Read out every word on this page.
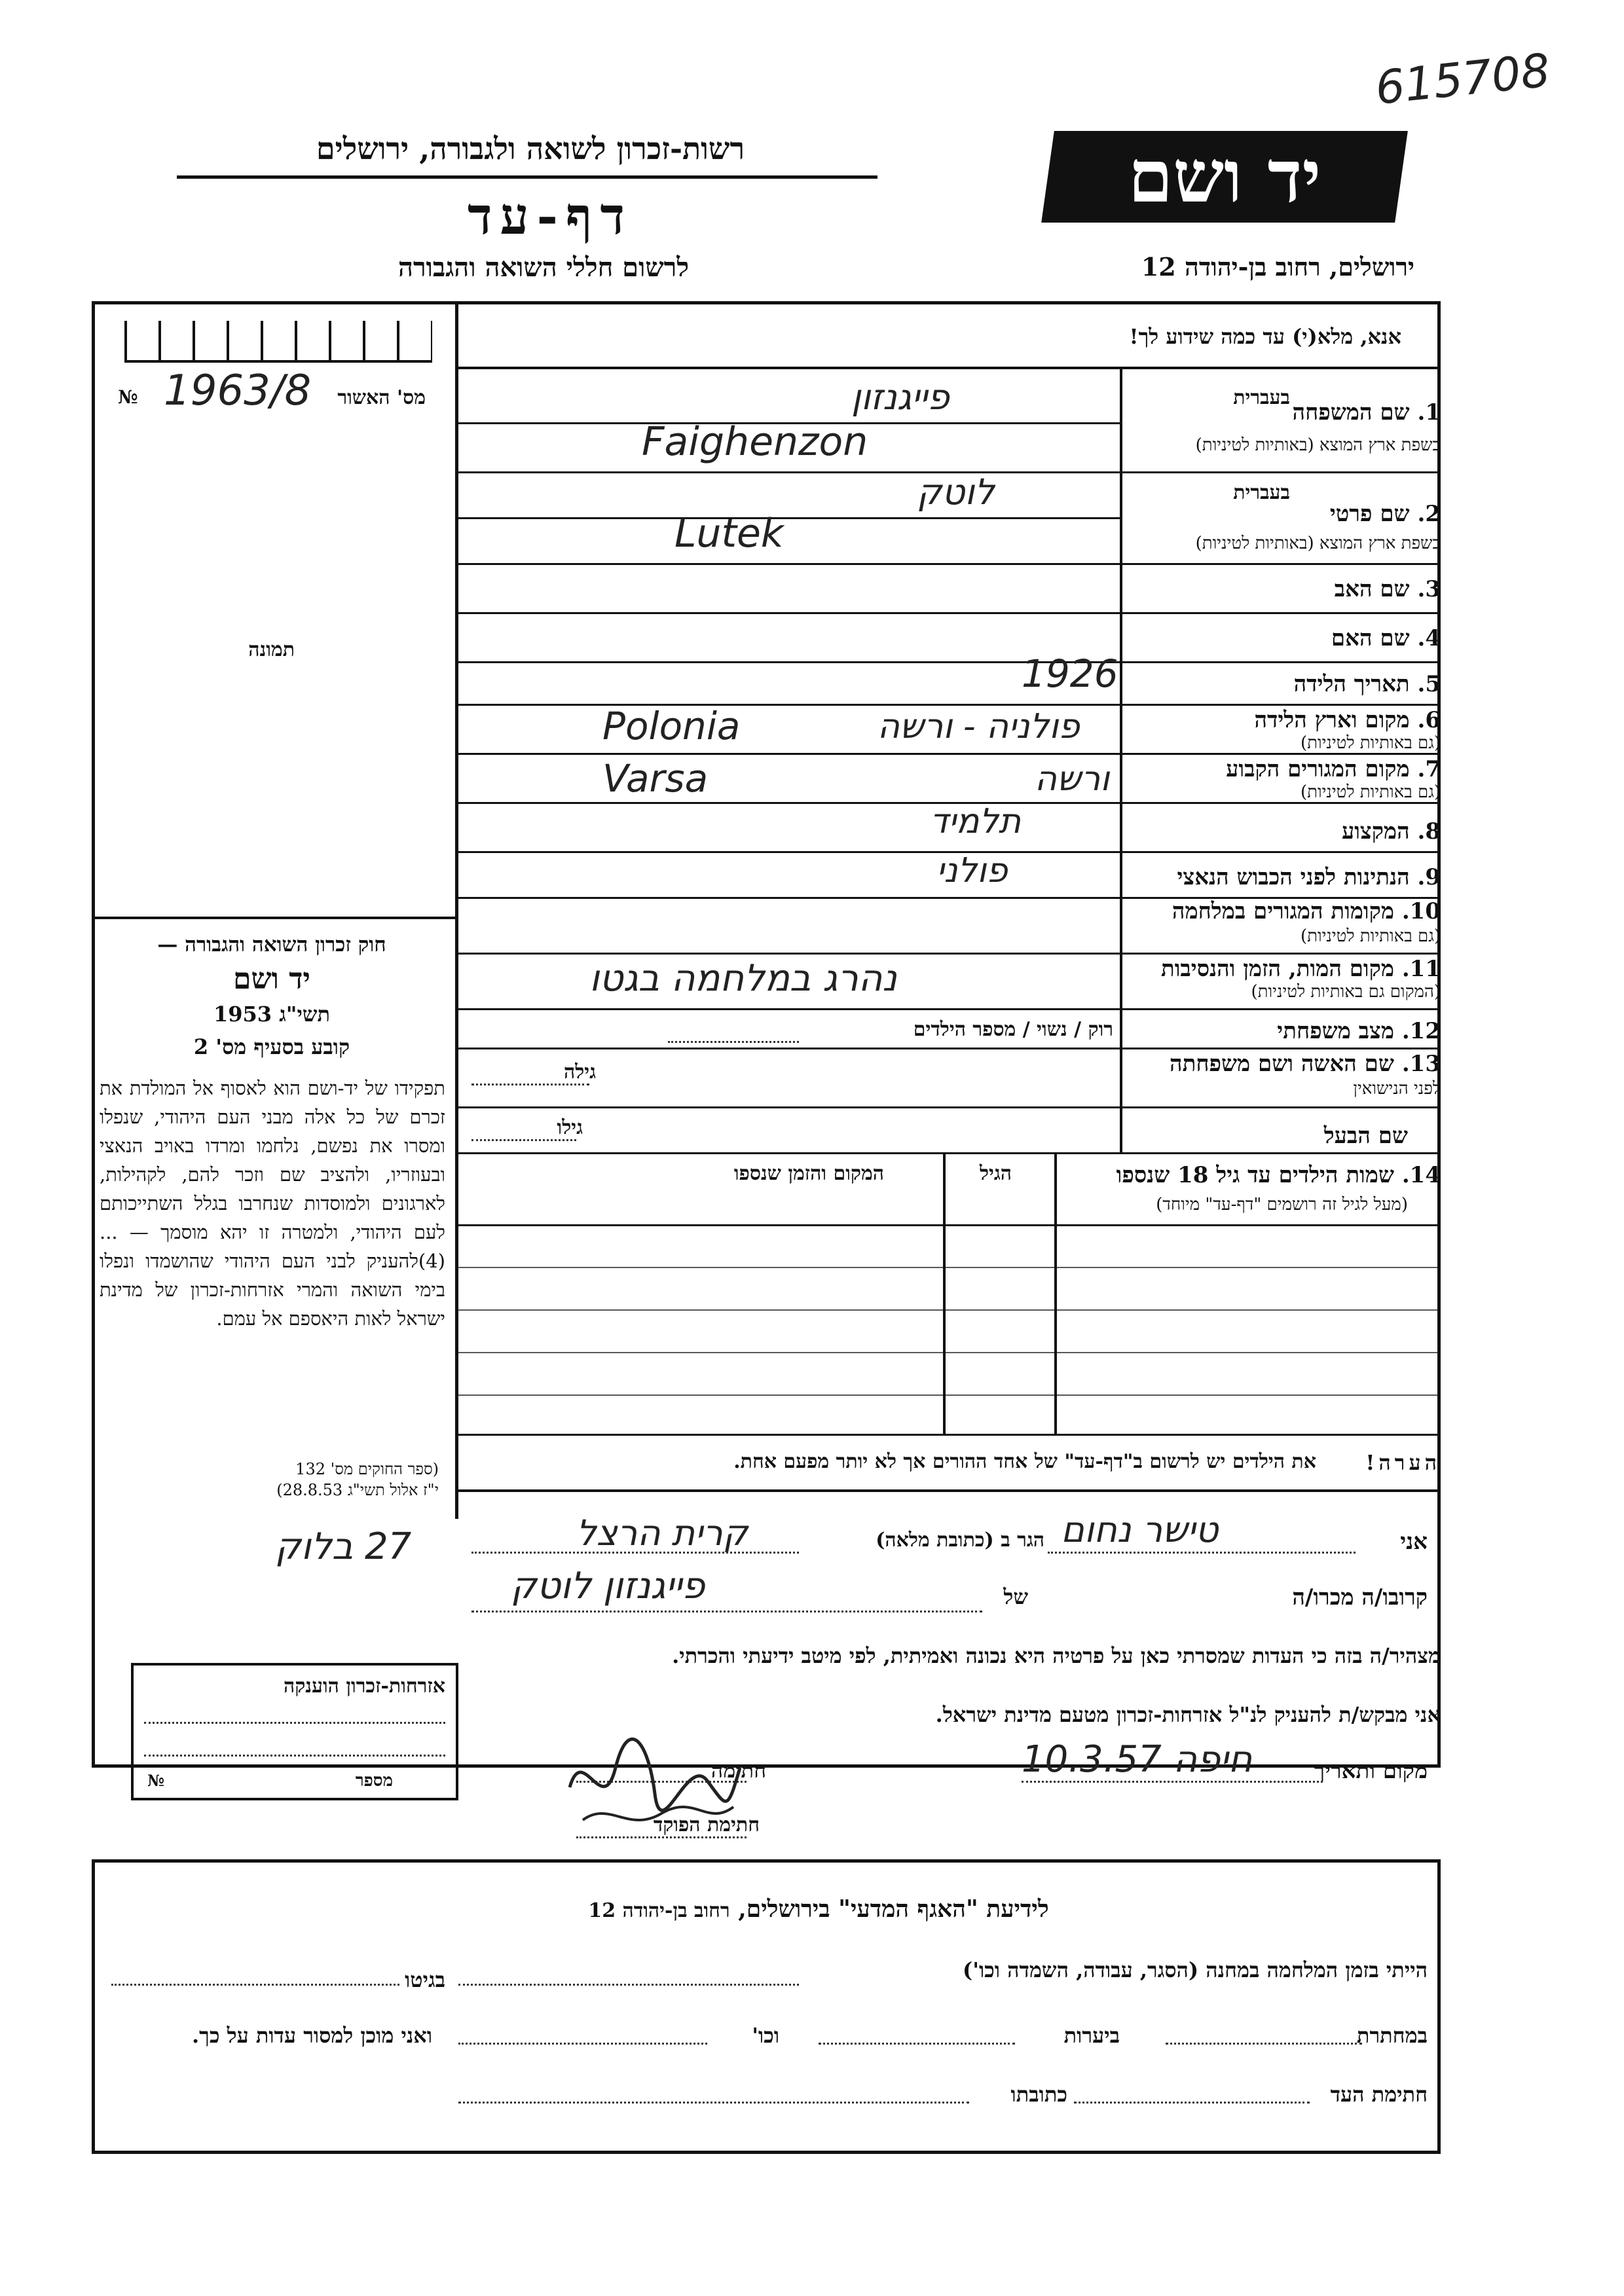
615708
יד ושם
רשות-זכרון לשואה ולגבורה, ירושלים
דף-עד
לרשום חללי השואה והגבורה	ירושלים, רחוב בן-יהודה 12
מס' האשור
№ 1963/8
תמונה
חוק זכרון השואה והגבורה —
יד ושם
תשי"ג 1953
קובע בסעיף מס' 2
תפקידו של יד-ושם הוא לאסוף אל המולדת את זכרם של כל אלה מבני העם היהודי, שנפלו ומסרו את נפשם, נלחמו ומרדו באויב הנאצי ובעוזריו, ולהציב שם וזכר להם, לקהילות, לארגונים ולמוסדות שנחרבו בגלל השתייכותם לעם היהודי, ולמטרה זו יהא מוסמך — ...(4)להעניק לבני העם היהודי שהושמדו ונפלו בימי השואה והמרי אזרחות-זכרון של מדינת ישראל לאות היאספם אל עמם.
(ספר החוקים מס' 132
י"ז אלול תשי"ג 28.8.53)
אזרחות-זכרון הוענקה
מספר
№
אנא, מלא(י) עד כמה שידוע לך!
בעברית
1. שם המשפחה
בשפת ארץ המוצא (באותיות לטיניות)
פייגנזון
Faighenzon
בעברית
2. שם פרטי
בשפת ארץ המוצא (באותיות לטיניות)
לוטק
Lutek
3. שם האב
4. שם האם
5. תאריך הלידה
1926
6. מקום וארץ הלידה
(גם באותיות לטיניות)
פולניה - ורשה
Polonia
7. מקום המגורים הקבוע
(גם באותיות לטיניות)
ורשה
Varsa
8. המקצוע
תלמיד
9. הנתינות לפני הכבוש הנאצי
פולני
10. מקומות המגורים במלחמה
(גם באותיות לטיניות)
11. מקום המות, הזמן והנסיבות
(המקום גם באותיות לטיניות)
נהרג במלחמה בגטו
12. מצב משפחתי
רוק / נשוי / מספר הילדים
13. שם האשה ושם משפחתה
לפני הנישואין
גילה
שם הבעל
גילו
14. שמות הילדים עד גיל 18 שנספו
(מעל לגיל זה רושמים "דף-עד" מיוחד)
הגיל
המקום והזמן שנספו
הערה!
את הילדים יש לרשום ב"דף-עד" של אחד ההורים אך לא יותר מפעם אחת.
אני
טישר נחום
הגר ב (כתובת מלאה)
קרית הרצל
27 בלוק
קרובו/ה מכרו/ה
של
פייגנזון לוטק
מצהיר/ה בזה כי העדות שמסרתי כאן על פרטיה היא נכונה ואמיתית, לפי מיטב ידיעתי והכרתי.
אני מבקש/ת להעניק לנ"ל אזרחות-זכרון מטעם מדינת ישראל.
מקום ותאריך
חיפה 10.3.57
חתימה
חתימת הפוקד
לידיעת "האגף המדעי" בירושלים, רחוב בן-יהודה 12
הייתי בזמן המלחמה במחנה (הסגר, עבודה, השמדה וכו')
בגיטו
במחתרת
ביערות
וכו'
ואני מוכן למסור עדות על כך.
חתימת העד
כתובתו
